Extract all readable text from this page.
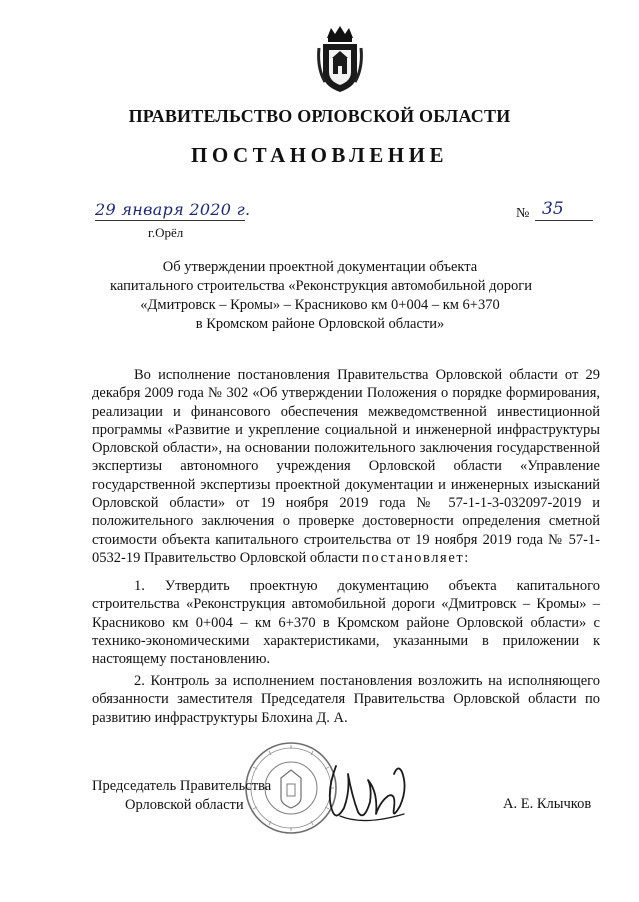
ПРАВИТЕЛЬСТВО ОРЛОВСКОЙ ОБЛАСТИ
ПОСТАНОВЛЕНИЕ
29 января 2020 г.
г.Орёл
№ 35
Об утверждении проектной документации объекта
капитального строительства «Реконструкция автомобильной дороги
«Дмитровск – Кромы» – Красниково км 0+004 – км 6+370
в Кромском районе Орловской области»
Во исполнение постановления Правительства Орловской области от 29 декабря 2009 года № 302 «Об утверждении Положения о порядке формирования, реализации и финансового обеспечения межведомственной инвестиционной программы «Развитие и укрепление социальной и инженерной инфраструктуры Орловской области», на основании положительного заключения государственной экспертизы автономного учреждения Орловской области «Управление государственной экспертизы проектной документации и инженерных изысканий Орловской области» от 19 ноября 2019 года № 57-1-1-3-032097-2019 и положительного заключения о проверке достоверности определения сметной стоимости объекта капитального строительства от 19 ноября 2019 года № 57-1-0532-19 Правительство Орловской области постановляет:
1. Утвердить проектную документацию объекта капитального строительства «Реконструкция автомобильной дороги «Дмитровск – Кромы» – Красниково км 0+004 – км 6+370 в Кромском районе Орловской области» с технико-экономическими характеристиками, указанными в приложении к настоящему постановлению.
2. Контроль за исполнением постановления возложить на исполняющего обязанности заместителя Председателя Правительства Орловской области по развитию инфраструктуры Блохина Д. А.
Председатель Правительства
Орловской области	А. Е. Клычков
